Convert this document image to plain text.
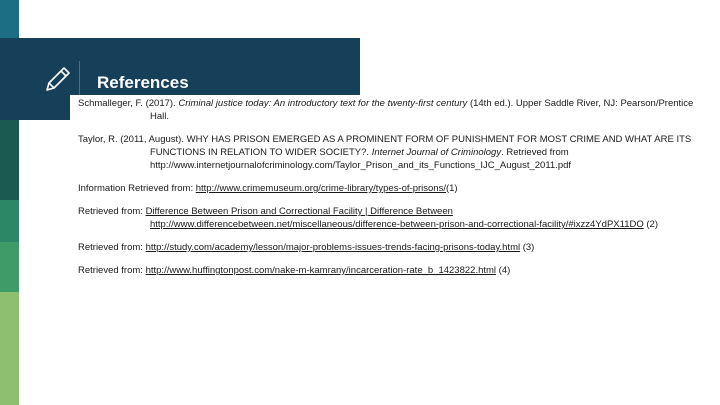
References

Schmalleger, F. (2017). Criminal justice today: An introductory text for the twenty-first century (14th ed.). Upper Saddle River, NJ: Pearson/Prentice Hall.

Taylor, R. (2011, August). WHY HAS PRISON EMERGED AS A PROMINENT FORM OF PUNISHMENT FOR MOST CRIME AND WHAT ARE ITS FUNCTIONS IN RELATION TO WIDER SOCIETY?. Internet Journal of Criminology. Retrieved from http://www.internetjournalofcriminology.com/Taylor_Prison_and_its_Functions_IJC_August_2011.pdf

Information Retrieved from: http://www.crimemuseum.org/crime-library/types-of-prisons/(1)

Retrieved from: Difference Between Prison and Correctional Facility | Difference Between http://www.differencebetween.net/miscellaneous/difference-between-prison-and-correctional-facility/#ixzz4YdPX11DO (2)

Retrieved from: http://study.com/academy/lesson/major-problems-issues-trends-facing-prisons-today.html (3)

Retrieved from: http://www.huffingtonpost.com/nake-m-kamrany/incarceration-rate_b_1423822.html (4)
